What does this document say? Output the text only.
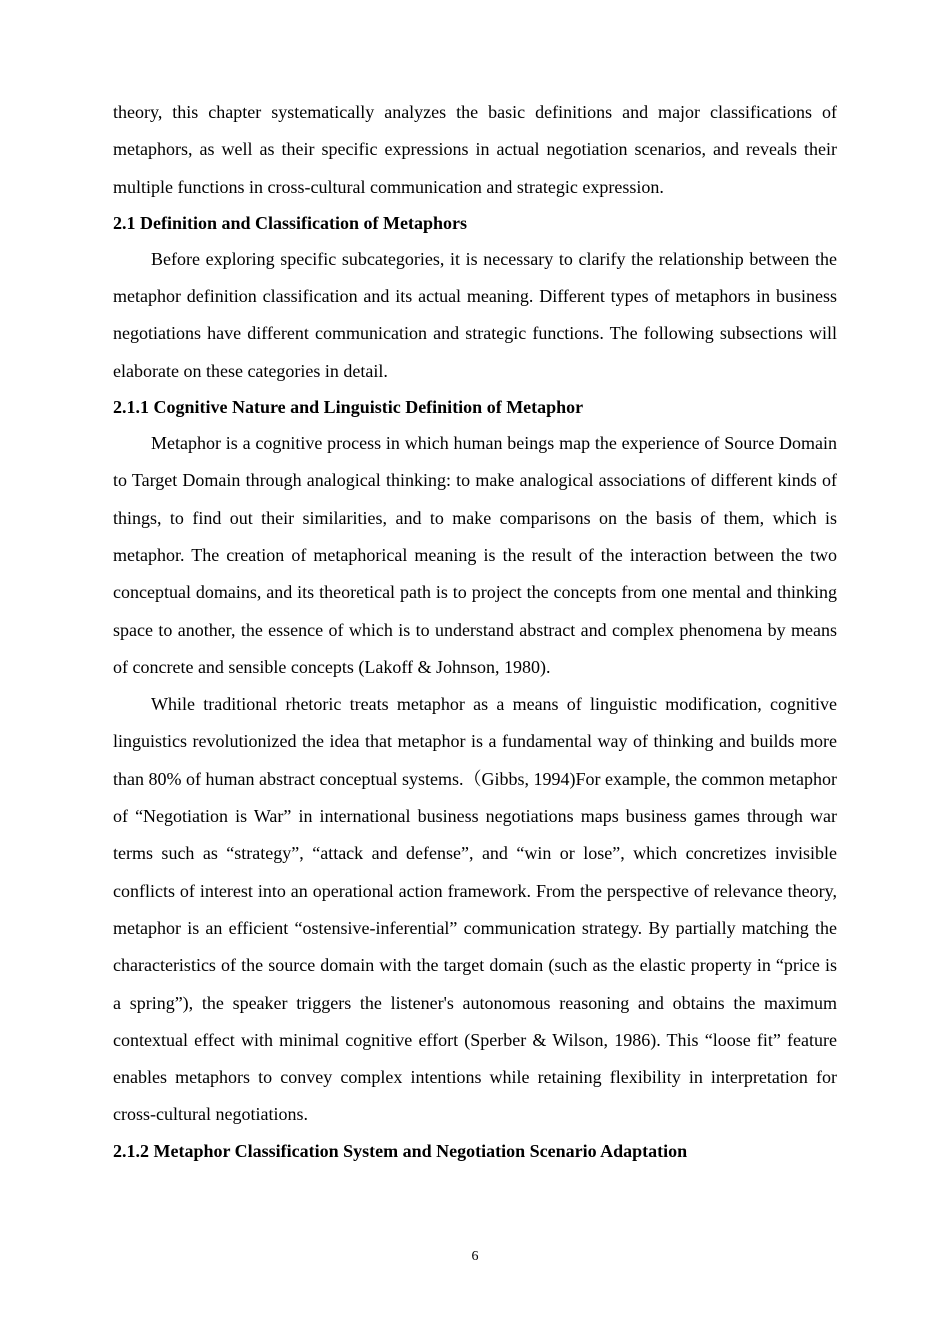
theory, this chapter systematically analyzes the basic definitions and major classifications of metaphors, as well as their specific expressions in actual negotiation scenarios, and reveals their multiple functions in cross-cultural communication and strategic expression.

2.1 Definition and Classification of Metaphors

Before exploring specific subcategories, it is necessary to clarify the relationship between the metaphor definition classification and its actual meaning. Different types of metaphors in business negotiations have different communication and strategic functions. The following subsections will elaborate on these categories in detail.

2.1.1 Cognitive Nature and Linguistic Definition of Metaphor

Metaphor is a cognitive process in which human beings map the experience of Source Domain to Target Domain through analogical thinking: to make analogical associations of different kinds of things, to find out their similarities, and to make comparisons on the basis of them, which is metaphor. The creation of metaphorical meaning is the result of the interaction between the two conceptual domains, and its theoretical path is to project the concepts from one mental and thinking space to another, the essence of which is to understand abstract and complex phenomena by means of concrete and sensible concepts (Lakoff & Johnson, 1980).

While traditional rhetoric treats metaphor as a means of linguistic modification, cognitive linguistics revolutionized the idea that metaphor is a fundamental way of thinking and builds more than 80% of human abstract conceptual systems.（Gibbs, 1994)For example, the common metaphor of “Negotiation is War” in international business negotiations maps business games through war terms such as “strategy”, “attack and defense”, and “win or lose”, which concretizes invisible conflicts of interest into an operational action framework. From the perspective of relevance theory, metaphor is an efficient “ostensive-inferential” communication strategy. By partially matching the characteristics of the source domain with the target domain (such as the elastic property in “price is a spring”), the speaker triggers the listener's autonomous reasoning and obtains the maximum contextual effect with minimal cognitive effort (Sperber & Wilson, 1986). This “loose fit” feature enables metaphors to convey complex intentions while retaining flexibility in interpretation for cross-cultural negotiations.

2.1.2 Metaphor Classification System and Negotiation Scenario Adaptation
6
